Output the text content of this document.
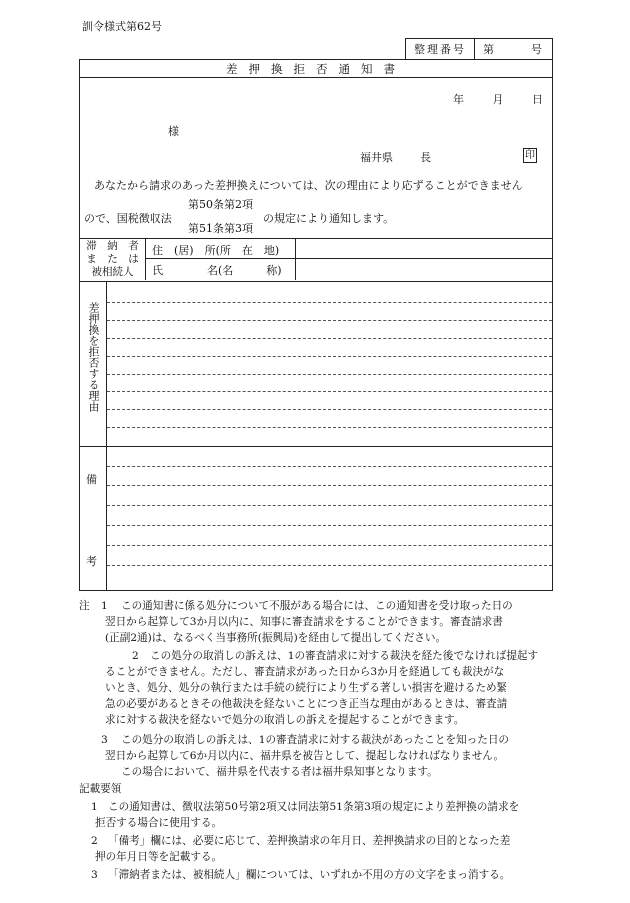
訓令様式第62号
整理番号	第	号
差押換拒否通知書
年	月	日
様
福井県 長	印
あなたから請求のあった差押換えについては、次の理由により応ずることができません
ので、国税徴収法
第50条第2項
第51条第3項
の規定により通知します。
滞　納　者
ま　た　は
被相続人
住　(居)　所(所　在　地)
氏　　　　名(名　　　称)
差押換を拒否する理由
備
考
注 1 この通知書に係る処分について不服がある場合には、この通知書を受け取った日の
翌日から起算して3か月以内に、知事に審査請求をすることができます。審査請求書
(正副2通)は、なるべく当事務所(振興局)を経由して提出してください。
2 この処分の取消しの訴えは、1の審査請求に対する裁決を経た後でなければ提起す
ることができません。ただし、審査請求があった日から3か月を経過しても裁決がな
いとき、処分、処分の執行または手続の続行により生ずる著しい損害を避けるため緊
急の必要があるときその他裁決を経ないことにつき正当な理由があるときは、審査請
求に対する裁決を経ないで処分の取消しの訴えを提起することができます。
3 この処分の取消しの訴えは、1の審査請求に対する裁決があったことを知った日の
翌日から起算して6か月以内に、福井県を被告として、提起しなければなりません。
この場合において、福井県を代表する者は福井県知事となります。
記載要領
1 この通知書は、徴収法第50号第2項又は同法第51条第3項の規定により差押換の請求を
拒否する場合に使用する。
2 「備考」欄には、必要に応じて、差押換請求の年月日、差押換請求の目的となった差
押の年月日等を記載する。
3 「滞納者または、被相続人」欄については、いずれか不用の方の文字をまっ消する。
